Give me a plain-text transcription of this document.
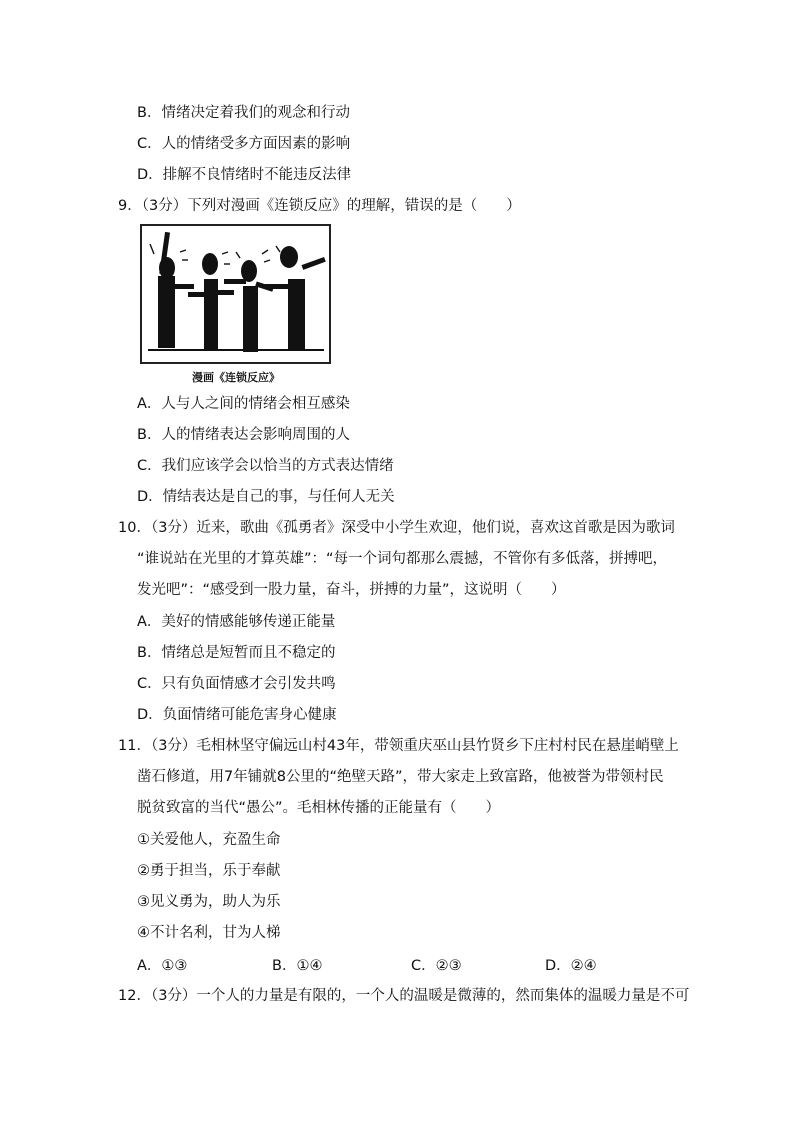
B．情绪决定着我们的观念和行动
C．人的情绪受多方面因素的影响
D．排解不良情绪时不能违反法律
9．（3分）下列对漫画《连锁反应》的理解，错误的是（　　）
漫画《连锁反应》
A．人与人之间的情绪会相互感染
B．人的情绪表达会影响周围的人
C．我们应该学会以恰当的方式表达情绪
D．情结表达是自己的事，与任何人无关
10．（3分）近来，歌曲《孤勇者》深受中小学生欢迎，他们说，喜欢这首歌是因为歌词
“谁说站在光里的才算英雄”：“每一个词句都那么震撼，不管你有多低落，拼搏吧，
发光吧”：“感受到一股力量，奋斗，拼搏的力量”，这说明（　　）
A．美好的情感能够传递正能量
B．情绪总是短暂而且不稳定的
C．只有负面情感才会引发共鸣
D．负面情绪可能危害身心健康
11．（3分）毛相林坚守偏远山村43年，带领重庆巫山县竹贤乡下庄村村民在悬崖峭壁上
凿石修道，用7年铺就8公里的“绝壁天路”，带大家走上致富路，他被誉为带领村民
脱贫致富的当代“愚公”。毛相林传播的正能量有（　　）
①关爱他人，充盈生命
②勇于担当，乐于奉献
③见义勇为，助人为乐
④不计名利，甘为人梯
A．①③	B．①④	C．②③	D．②④
12．（3分）一个人的力量是有限的，一个人的温暖是微薄的，然而集体的温暖力量是不可
